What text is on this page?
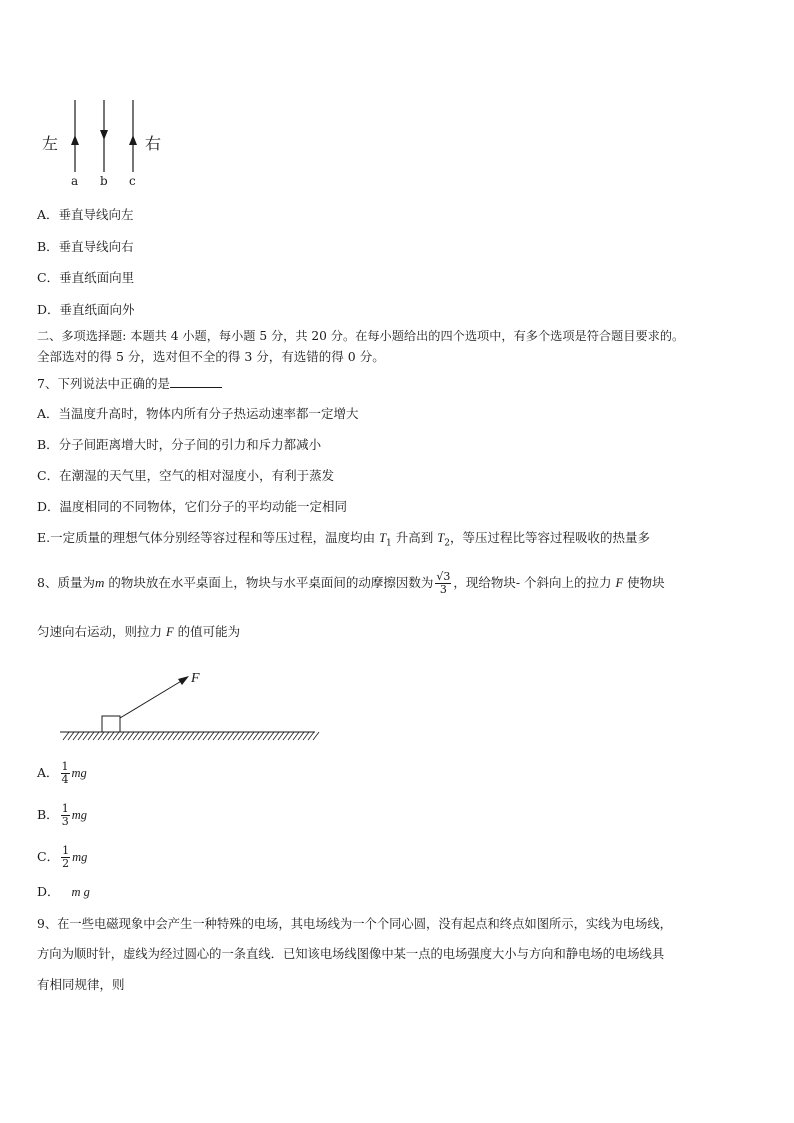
左	右
a b c
A．垂直导线向左
B．垂直导线向右
C．垂直纸面向里
D．垂直纸面向外
二、多项选择题: 本题共 4 小题，每小题 5 分，共 20 分。在每小题给出的四个选项中，有多个选项是符合题目要求的。
全部选对的得 5 分，选对但不全的得 3 分，有选错的得 0 分。
7、下列说法中正确的是
A．当温度升高时，物体内所有分子热运动速率都一定增大
B．分子间距离增大时，分子间的引力和斥力都减小
C．在潮湿的天气里，空气的相对湿度小，有利于蒸发
D．温度相同的不同物体，它们分子的平均动能一定相同
E.一定质量的理想气体分别经等容过程和等压过程，温度均由 $T_1$ 升高到 $T_2$，等压过程比等容过程吸收的热量多
8、质量为m 的物块放在水平桌面上，物块与水平桌面间的动摩擦因数为 $\frac{√3}{3}$ ，现给物块- 个斜向上的拉力 F 使物块
匀速向右运动，则拉力 F 的值可能为
F
A． $\frac{1}{4}$ mg
B． $\frac{1}{3}$ mg
C． $\frac{1}{2}$ mg
D． m g
9、在一些电磁现象中会产生一种特殊的电场，其电场线为一个个同心圆，没有起点和终点如图所示，实线为电场线，
方向为顺时针，虚线为经过圆心的一条直线．已知该电场线图像中某一点的电场强度大小与方向和静电场的电场线具
有相同规律，则
